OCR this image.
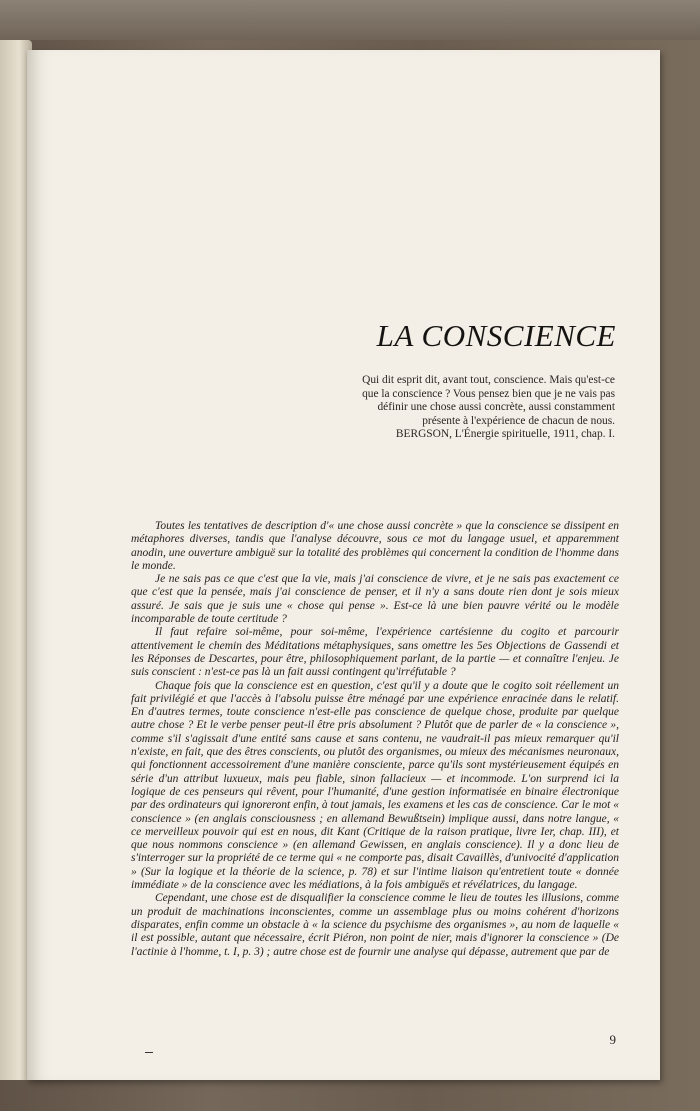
LA CONSCIENCE

Qui dit esprit dit, avant tout, conscience. Mais qu'est-ce que la conscience ? Vous pensez bien que je ne vais pas définir une chose aussi concrète, aussi constamment présente à l'expérience de chacun de nous.

BERGSON, L'Énergie spirituelle, 1911, chap. I.

Toutes les tentatives de description d'« une chose aussi concrète » que la conscience se dissipent en métaphores diverses, tandis que l'analyse découvre, sous ce mot du langage usuel, et apparemment anodin, une ouverture ambiguë sur la totalité des problèmes qui concernent la condition de l'homme dans le monde.

Je ne sais pas ce que c'est que la vie, mais j'ai conscience de vivre, et je ne sais pas exactement ce que c'est que la pensée, mais j'ai conscience de penser, et il n'y a sans doute rien dont je sois mieux assuré. Je sais que je suis une « chose qui pense ». Est-ce là une bien pauvre vérité ou le modèle incomparable de toute certitude ?

Il faut refaire soi-même, pour soi-même, l'expérience cartésienne du cogito et parcourir attentivement le chemin des Méditations métaphysiques, sans omettre les 5es Objections de Gassendi et les Réponses de Descartes, pour être, philosophiquement parlant, de la partie — et connaître l'enjeu. Je suis conscient : n'est-ce pas là un fait aussi contingent qu'irréfutable ?

Chaque fois que la conscience est en question, c'est qu'il y a doute que le cogito soit réellement un fait privilégié et que l'accès à l'absolu puisse être ménagé par une expérience enracinée dans le relatif. En d'autres termes, toute conscience n'est-elle pas conscience de quelque chose, produite par quelque autre chose ? Et le verbe penser peut-il être pris absolument ? Plutôt que de parler de « la conscience », comme s'il s'agissait d'une entité sans cause et sans contenu, ne vaudrait-il pas mieux remarquer qu'il n'existe, en fait, que des êtres conscients, ou plutôt des organismes, ou mieux des mécanismes neuronaux, qui fonctionnent accessoirement d'une manière consciente, parce qu'ils sont mystérieusement équipés en série d'un attribut luxueux, mais peu fiable, sinon fallacieux — et incommode. L'on surprend ici la logique de ces penseurs qui rêvent, pour l'humanité, d'une gestion informatisée en binaire électronique par des ordinateurs qui ignoreront enfin, à tout jamais, les examens et les cas de conscience. Car le mot « conscience » (en anglais consciousness ; en allemand Bewußtsein) implique aussi, dans notre langue, « ce merveilleux pouvoir qui est en nous, dit Kant (Critique de la raison pratique, livre Ier, chap. III), et que nous nommons conscience » (en allemand Gewissen, en anglais conscience). Il y a donc lieu de s'interroger sur la propriété de ce terme qui « ne comporte pas, disait Cavaillès, d'univocité d'application » (Sur la logique et la théorie de la science, p. 78) et sur l'intime liaison qu'entretient toute « donnée immédiate » de la conscience avec les médiations, à la fois ambiguës et révélatrices, du langage.

Cependant, une chose est de disqualifier la conscience comme le lieu de toutes les illusions, comme un produit de machinations inconscientes, comme un assemblage plus ou moins cohérent d'horizons disparates, enfin comme un obstacle à « la science du psychisme des organismes », au nom de laquelle « il est possible, autant que nécessaire, écrit Piéron, non point de nier, mais d'ignorer la conscience » (De l'actinie à l'homme, t. I, p. 3) ; autre chose est de fournir une analyse qui dépasse, autrement que par de

9
